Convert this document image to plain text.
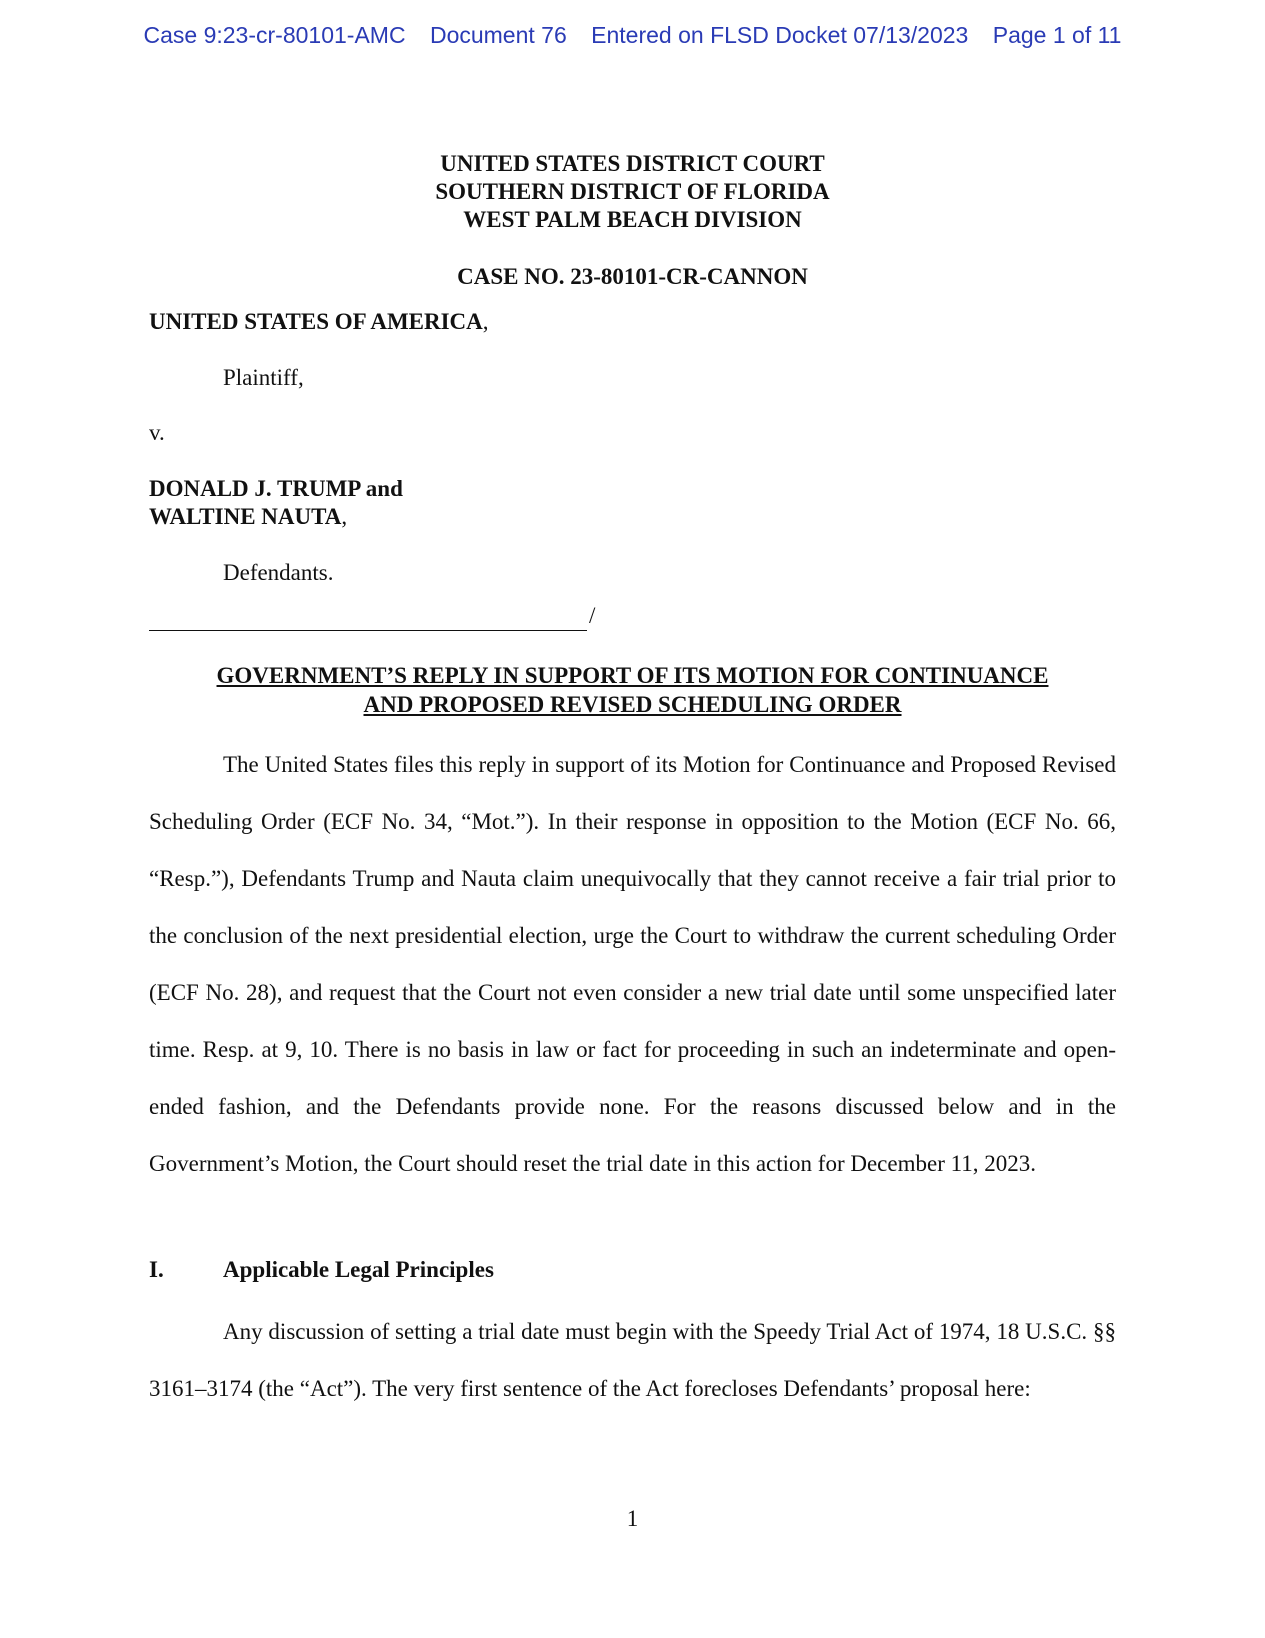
Case 9:23-cr-80101-AMC Document 76 Entered on FLSD Docket 07/13/2023 Page 1 of 11
UNITED STATES DISTRICT COURT
SOUTHERN DISTRICT OF FLORIDA
WEST PALM BEACH DIVISION
CASE NO. 23-80101-CR-CANNON
UNITED STATES OF AMERICA,
Plaintiff,
v.
DONALD J. TRUMP and
WALTINE NAUTA,
Defendants.
/
GOVERNMENT’S REPLY IN SUPPORT OF ITS MOTION FOR CONTINUANCE
AND PROPOSED REVISED SCHEDULING ORDER

The United States files this reply in support of its Motion for Continuance and Proposed Revised Scheduling Order (ECF No. 34, “Mot.”). In their response in opposition to the Motion (ECF No. 66, “Resp.”), Defendants Trump and Nauta claim unequivocally that they cannot receive a fair trial prior to the conclusion of the next presidential election, urge the Court to withdraw the current scheduling Order (ECF No. 28), and request that the Court not even consider a new trial date until some unspecified later time. Resp. at 9, 10. There is no basis in law or fact for proceeding in such an indeterminate and open-ended fashion, and the Defendants provide none. For the reasons discussed below and in the Government’s Motion, the Court should reset the trial date in this action for December 11, 2023.

I.	Applicable Legal Principles

Any discussion of setting a trial date must begin with the Speedy Trial Act of 1974, 18 U.S.C. §§ 3161–3174 (the “Act”). The very first sentence of the Act forecloses Defendants’ proposal here:

1
